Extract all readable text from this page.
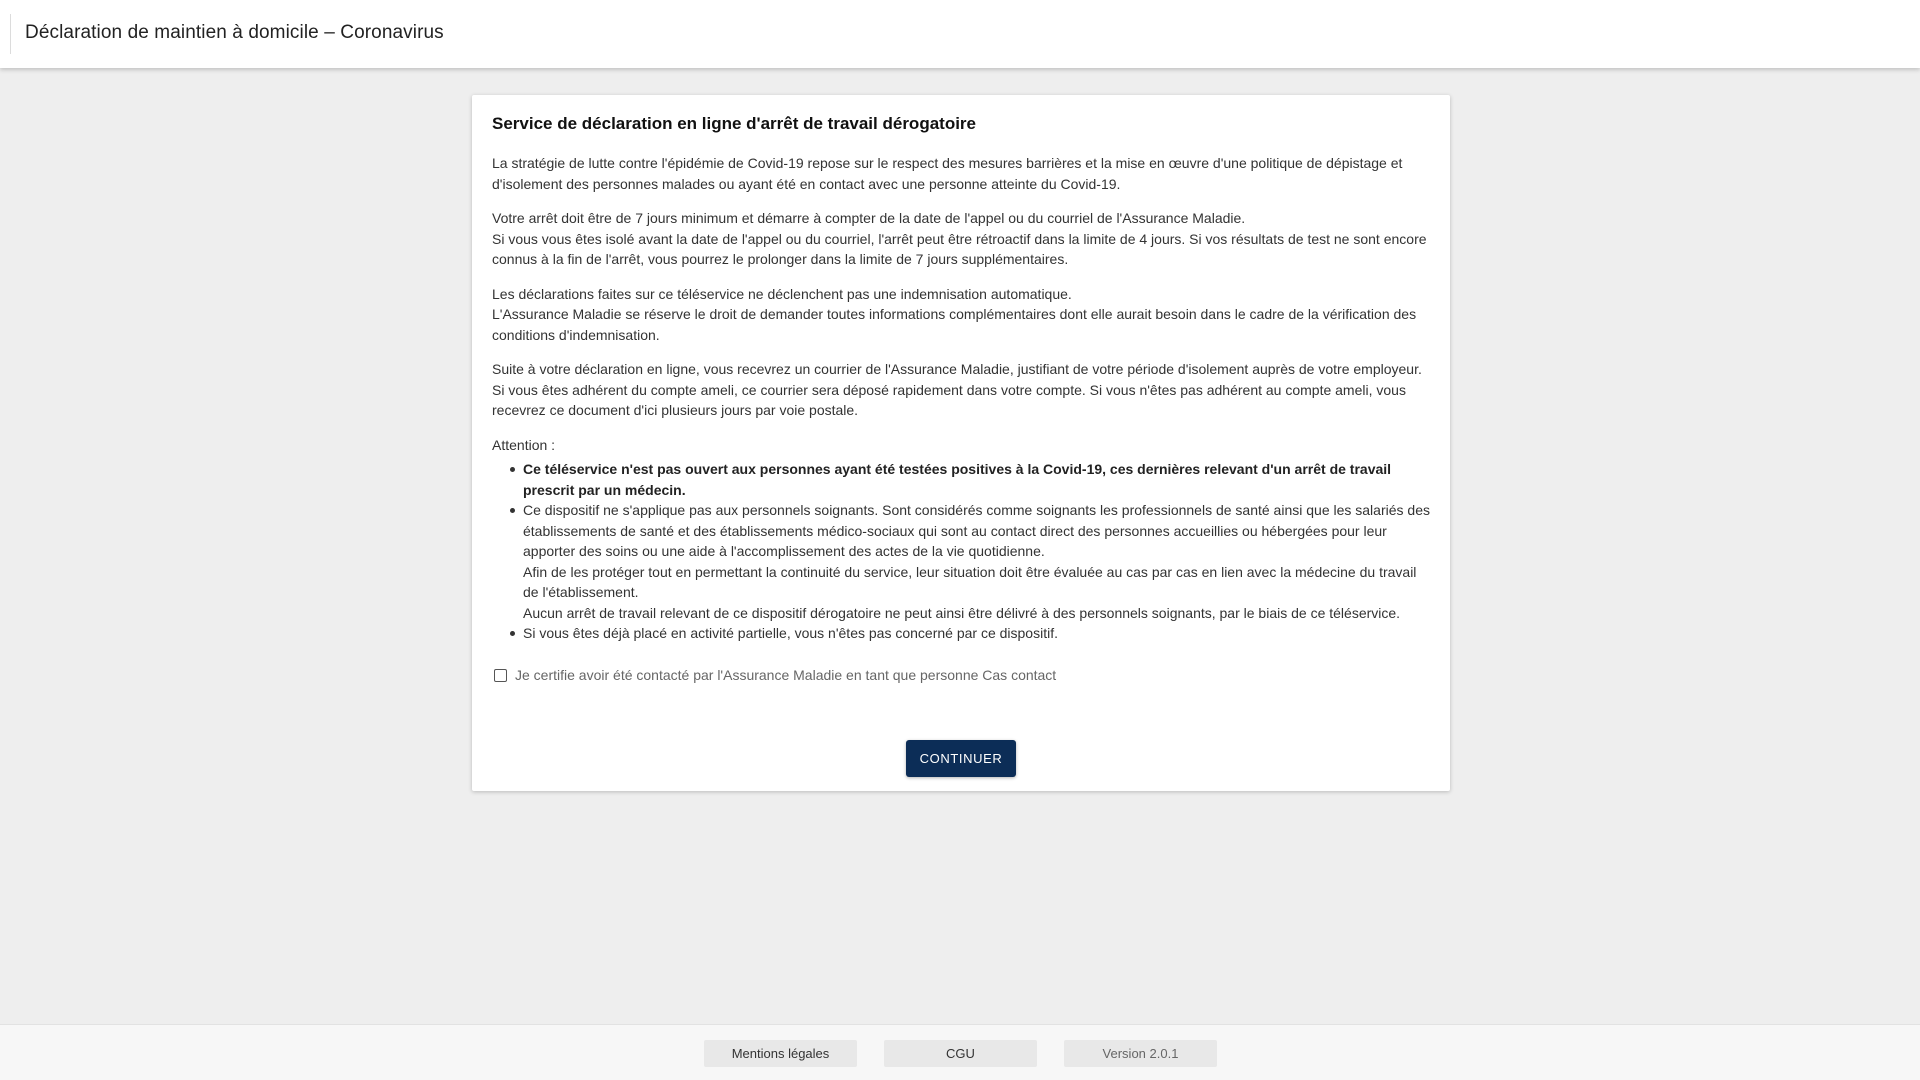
Déclaration de maintien à domicile – Coronavirus
Service de déclaration en ligne d'arrêt de travail dérogatoire

La stratégie de lutte contre l'épidémie de Covid-19 repose sur le respect des mesures barrières et la mise en œuvre d'une politique de dépistage et d'isolement des personnes malades ou ayant été en contact avec une personne atteinte du Covid-19.

Votre arrêt doit être de 7 jours minimum et démarre à compter de la date de l'appel ou du courriel de l'Assurance Maladie.
Si vous vous êtes isolé avant la date de l'appel ou du courriel, l'arrêt peut être rétroactif dans la limite de 4 jours. Si vos résultats de test ne sont encore connus à la fin de l'arrêt, vous pourrez le prolonger dans la limite de 7 jours supplémentaires.

Les déclarations faites sur ce téléservice ne déclenchent pas une indemnisation automatique.
L'Assurance Maladie se réserve le droit de demander toutes informations complémentaires dont elle aurait besoin dans le cadre de la vérification des conditions d'indemnisation.

Suite à votre déclaration en ligne, vous recevrez un courrier de l'Assurance Maladie, justifiant de votre période d'isolement auprès de votre employeur. Si vous êtes adhérent du compte ameli, ce courrier sera déposé rapidement dans votre compte. Si vous n'êtes pas adhérent au compte ameli, vous recevrez ce document d'ici plusieurs jours par voie postale.

Attention :
Ce téléservice n'est pas ouvert aux personnes ayant été testées positives à la Covid-19, ces dernières relevant d'un arrêt de travail prescrit par un médecin.
Ce dispositif ne s'applique pas aux personnels soignants. Sont considérés comme soignants les professionnels de santé ainsi que les salariés des établissements de santé et des établissements médico-sociaux qui sont au contact direct des personnes accueillies ou hébergées pour leur apporter des soins ou une aide à l'accomplissement des actes de la vie quotidienne.
Afin de les protéger tout en permettant la continuité du service, leur situation doit être évaluée au cas par cas en lien avec la médecine du travail de l'établissement.
Aucun arrêt de travail relevant de ce dispositif dérogatoire ne peut ainsi être délivré à des personnels soignants, par le biais de ce téléservice.
Si vous êtes déjà placé en activité partielle, vous n'êtes pas concerné par ce dispositif.
Je certifie avoir été contacté par l'Assurance Maladie en tant que personne Cas contact
CONTINUER
Mentions légales	CGU	Version 2.0.1
